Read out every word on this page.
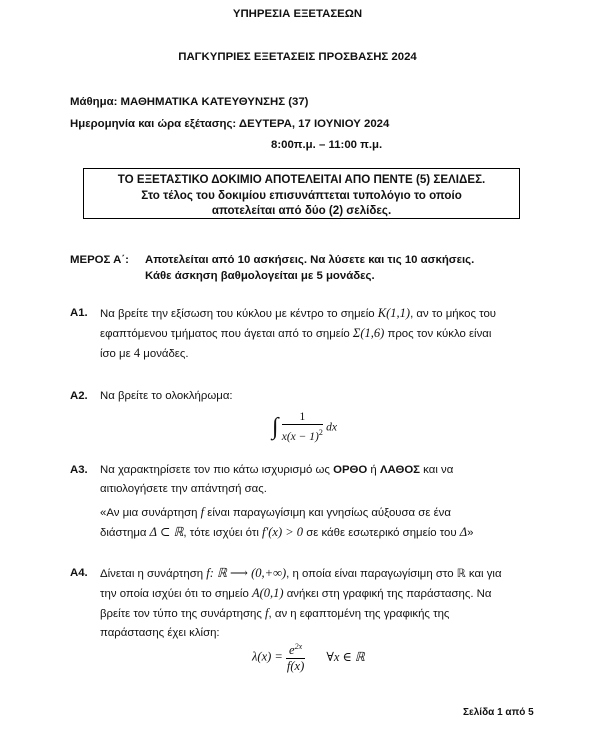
ΥΠΗΡΕΣΙΑ ΕΞΕΤΑΣΕΩΝ
ΠΑΓΚΥΠΡΙΕΣ ΕΞΕΤΑΣΕΙΣ ΠΡΟΣΒΑΣΗΣ 2024
Μάθημα: ΜΑΘΗΜΑΤΙΚΑ ΚΑΤΕΥΘΥΝΣΗΣ (37)
Ημερομηνία και ώρα εξέτασης: ΔΕΥΤΕΡΑ, 17 ΙΟΥΝΙΟΥ 2024
8:00π.μ. – 11:00 π.μ.
ΤΟ ΕΞΕΤΑΣΤΙΚΟ ΔΟΚΙΜΙΟ ΑΠΟΤΕΛΕΙΤΑΙ ΑΠΟ ΠΕΝΤΕ (5) ΣΕΛΙΔΕΣ.
Στο τέλος του δοκιμίου επισυνάπτεται τυπολόγιο το οποίο
αποτελείται από δύο (2) σελίδες.
ΜΕΡΟΣ Α΄: Αποτελείται από 10 ασκήσεις. Να λύσετε και τις 10 ασκήσεις.
Κάθε άσκηση βαθμολογείται με 5 μονάδες.
Α1. Να βρείτε την εξίσωση του κύκλου με κέντρο το σημείο K(1,1), αν το μήκος του
εφαπτόμενου τμήματος που άγεται από το σημείο Σ(1,6) προς τον κύκλο είναι
ίσο με 4 μονάδες.
Α2. Να βρείτε το ολοκλήρωμα:
∫ $\frac{1}{x(x - 1)^2}$ dx
Α3. Να χαρακτηρίσετε τον πιο κάτω ισχυρισμό ως ΟΡΘΟ ή ΛΑΘΟΣ και να
αιτιολογήσετε την απάντησή σας.
«Αν μια συνάρτηση f είναι παραγωγίσιμη και γνησίως αύξουσα σε ένα
διάστημα Δ ⊂ ℝ, τότε ισχύει ότι f′(x) > 0 σε κάθε εσωτερικό σημείο του Δ»
Α4. Δίνεται η συνάρτηση f: ℝ ⟶ (0,+∞), η οποία είναι παραγωγίσιμη στο ℝ και για
την οποία ισχύει ότι το σημείο Α(0,1) ανήκει στη γραφική της παράστασης. Να
βρείτε τον τύπο της συνάρτησης f, αν η εφαπτομένη της γραφικής της
παράστασης έχει κλίση:
$\lambda(x) = \frac{e^{2x}}{f(x)}$ ∀x ∈ ℝ
Σελίδα 1 από 5
